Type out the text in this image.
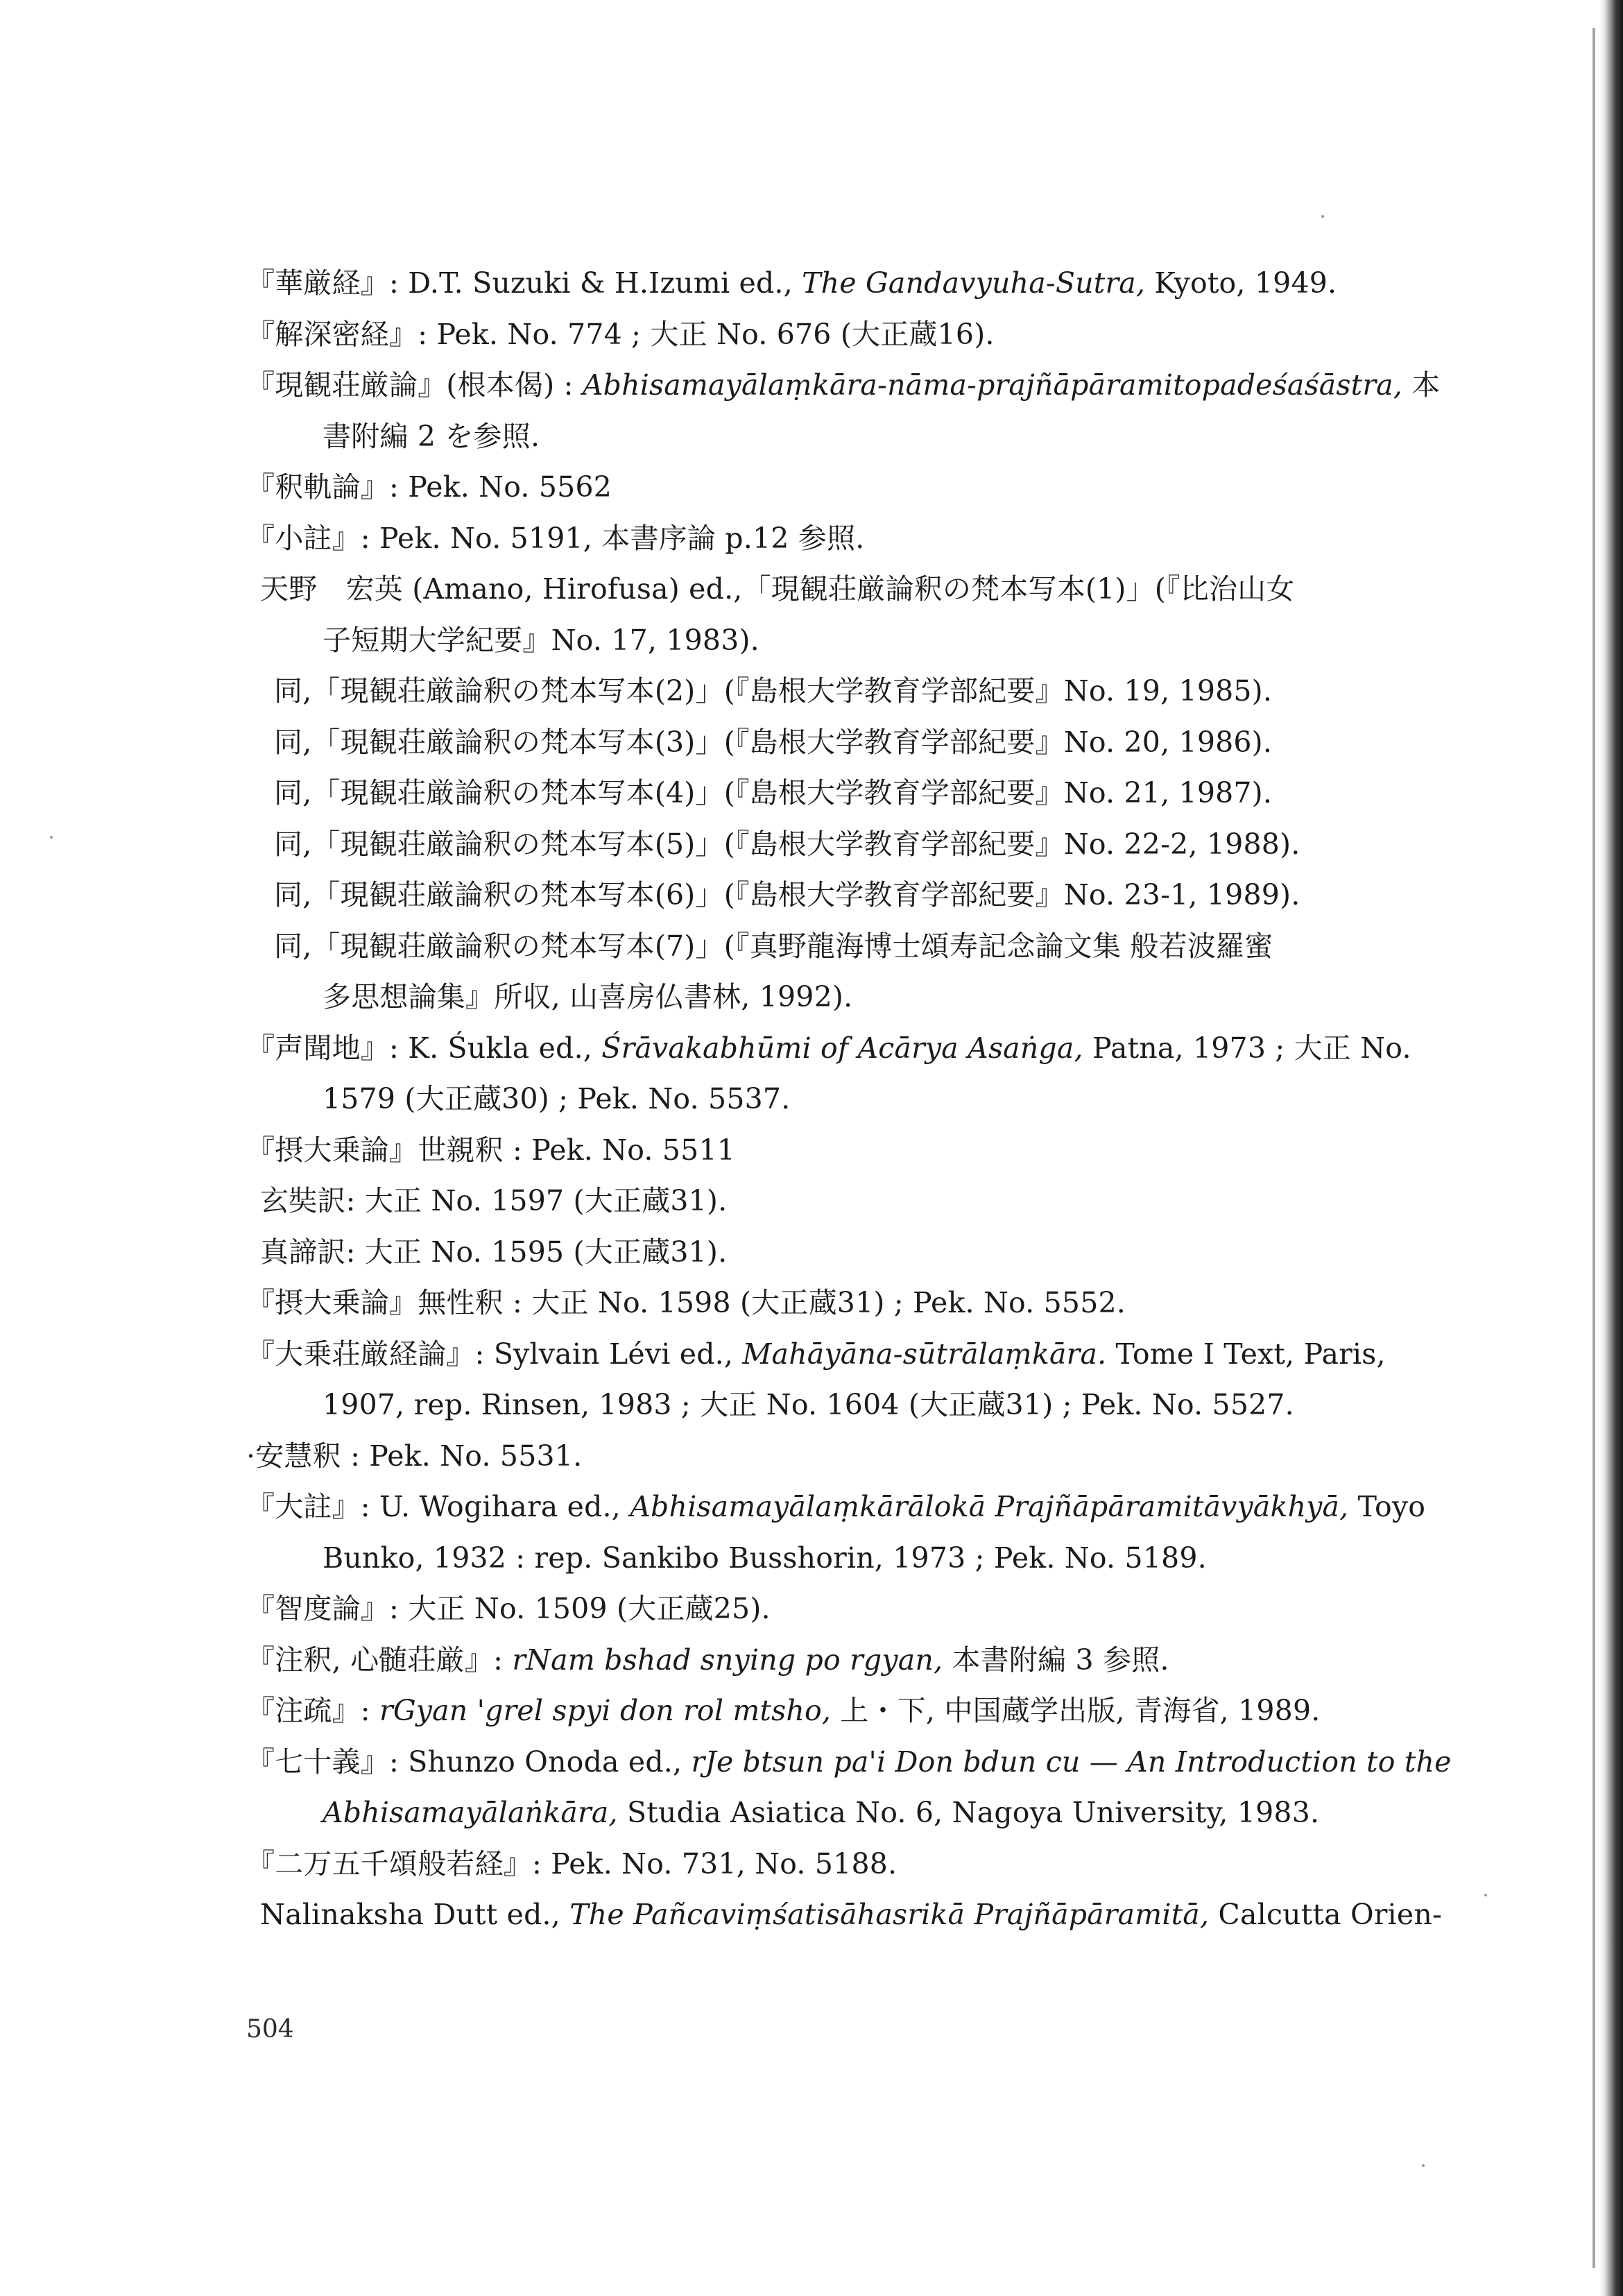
『華厳経』: D.T. Suzuki & H.Izumi ed., The Gandavyuha-Sutra, Kyoto, 1949.
『解深密経』: Pek. No. 774 ; 大正 No. 676 (大正蔵16).
『現観荘厳論』(根本偈) : Abhisamayālaṃkāra-nāma-prajñāpāramitopadeśaśāstra, 本
書附編 2 を参照.
『釈軌論』: Pek. No. 5562
『小註』: Pek. No. 5191, 本書序論 p.12 参照.
天野　宏英 (Amano, Hirofusa) ed.,「現観荘厳論釈の梵本写本(1)」(『比治山女
子短期大学紀要』No. 17, 1983).
同,「現観荘厳論釈の梵本写本(2)」(『島根大学教育学部紀要』No. 19, 1985).
同,「現観荘厳論釈の梵本写本(3)」(『島根大学教育学部紀要』No. 20, 1986).
同,「現観荘厳論釈の梵本写本(4)」(『島根大学教育学部紀要』No. 21, 1987).
同,「現観荘厳論釈の梵本写本(5)」(『島根大学教育学部紀要』No. 22-2, 1988).
同,「現観荘厳論釈の梵本写本(6)」(『島根大学教育学部紀要』No. 23-1, 1989).
同,「現観荘厳論釈の梵本写本(7)」(『真野龍海博士頌寿記念論文集 般若波羅蜜
多思想論集』所収, 山喜房仏書林, 1992).
『声聞地』: K. Śukla ed., Śrāvakabhūmi of Acārya Asaṅga, Patna, 1973 ; 大正 No.
1579 (大正蔵30) ; Pek. No. 5537.
『摂大乗論』世親釈 : Pek. No. 5511
玄奘訳: 大正 No. 1597 (大正蔵31).
真諦訳: 大正 No. 1595 (大正蔵31).
『摂大乗論』無性釈 : 大正 No. 1598 (大正蔵31) ; Pek. No. 5552.
『大乗荘厳経論』: Sylvain Lévi ed., Mahāyāna-sūtrālaṃkāra. Tome I Text, Paris,
1907, rep. Rinsen, 1983 ; 大正 No. 1604 (大正蔵31) ; Pek. No. 5527.
·安慧釈 : Pek. No. 5531.
『大註』: U. Wogihara ed., Abhisamayālaṃkārālokā Prajñāpāramitāvyākhyā, Toyo
Bunko, 1932 : rep. Sankibo Busshorin, 1973 ; Pek. No. 5189.
『智度論』: 大正 No. 1509 (大正蔵25).
『注釈, 心髄荘厳』: rNam bshad snying po rgyan, 本書附編 3 参照.
『注疏』: rGyan 'grel spyi don rol mtsho, 上・下, 中国蔵学出版, 青海省, 1989.
『七十義』: Shunzo Onoda ed., rJe btsun pa'i Don bdun cu — An Introduction to the
Abhisamayālaṅkāra, Studia Asiatica No. 6, Nagoya University, 1983.
『二万五千頌般若経』: Pek. No. 731, No. 5188.
Nalinaksha Dutt ed., The Pañcaviṃśatisāhasrikā Prajñāpāramitā, Calcutta Orien-
504
